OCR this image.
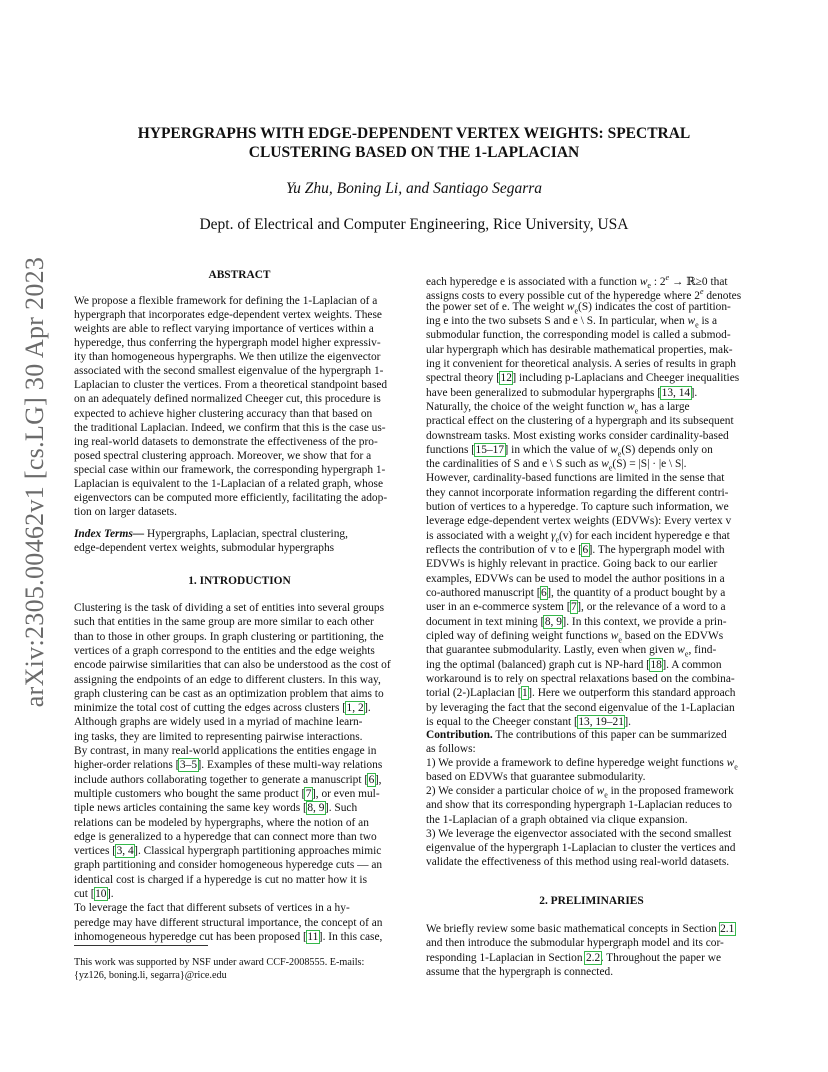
arXiv:2305.00462v1 [cs.LG] 30 Apr 2023
HYPERGRAPHS WITH EDGE-DEPENDENT VERTEX WEIGHTS: SPECTRAL
CLUSTERING BASED ON THE 1-LAPLACIAN
Yu Zhu, Boning Li, and Santiago Segarra
Dept. of Electrical and Computer Engineering, Rice University, USA
ABSTRACT
We propose a flexible framework for defining the 1-Laplacian of a
hypergraph that incorporates edge-dependent vertex weights. These
weights are able to reflect varying importance of vertices within a
hyperedge, thus conferring the hypergraph model higher expressiv-
ity than homogeneous hypergraphs. We then utilize the eigenvector
associated with the second smallest eigenvalue of the hypergraph 1-
Laplacian to cluster the vertices. From a theoretical standpoint based
on an adequately defined normalized Cheeger cut, this procedure is
expected to achieve higher clustering accuracy than that based on
the traditional Laplacian. Indeed, we confirm that this is the case us-
ing real-world datasets to demonstrate the effectiveness of the pro-
posed spectral clustering approach. Moreover, we show that for a
special case within our framework, the corresponding hypergraph 1-
Laplacian is equivalent to the 1-Laplacian of a related graph, whose
eigenvectors can be computed more efficiently, facilitating the adop-
tion on larger datasets.
Index Terms— Hypergraphs, Laplacian, spectral clustering,
edge-dependent vertex weights, submodular hypergraphs
1. INTRODUCTION
Clustering is the task of dividing a set of entities into several groups
such that entities in the same group are more similar to each other
than to those in other groups. In graph clustering or partitioning, the
vertices of a graph correspond to the entities and the edge weights
encode pairwise similarities that can also be understood as the cost of
assigning the endpoints of an edge to different clusters. In this way,
graph clustering can be cast as an optimization problem that aims to
minimize the total cost of cutting the edges across clusters [1, 2].
Although graphs are widely used in a myriad of machine learn-
ing tasks, they are limited to representing pairwise interactions.
By contrast, in many real-world applications the entities engage in
higher-order relations [3–5]. Examples of these multi-way relations
include authors collaborating together to generate a manuscript [6],
multiple customers who bought the same product [7], or even mul-
tiple news articles containing the same key words [8, 9]. Such
relations can be modeled by hypergraphs, where the notion of an
edge is generalized to a hyperedge that can connect more than two
vertices [3, 4]. Classical hypergraph partitioning approaches mimic
graph partitioning and consider homogeneous hyperedge cuts — an
identical cost is charged if a hyperedge is cut no matter how it is
cut [10].
To leverage the fact that different subsets of vertices in a hy-
peredge may have different structural importance, the concept of an
inhomogeneous hyperedge cut has been proposed [11]. In this case,
This work was supported by NSF under award CCF-2008555. E-mails:
{yz126, boning.li, segarra}@rice.edu
each hyperedge e is associated with a function $w_e$ : $2^e$ → ℝ≥0 that
assigns costs to every possible cut of the hyperedge where 2e denotes
the power set of e. The weight $w_e(S)$ indicates the cost of partition-
ing e into the two subsets S and e \ S. In particular, when $w_e$ is a
submodular function, the corresponding model is called a submod-
ular hypergraph which has desirable mathematical properties, mak-
ing it convenient for theoretical analysis. A series of results in graph
spectral theory [12] including p-Laplacians and Cheeger inequalities
have been generalized to submodular hypergraphs [13, 14].
Naturally, the choice of the weight function $w_e$ has a large
practical effect on the clustering of a hypergraph and its subsequent
downstream tasks. Most existing works consider cardinality-based
functions [15–17] in which the value of $w_e(S)$ depends only on
the cardinalities of S and e \ S such as $w_e(S) = |S| \cdot |e$ \ S|.
However, cardinality-based functions are limited in the sense that
they cannot incorporate information regarding the different contri-
bution of vertices to a hyperedge. To capture such information, we
leverage edge-dependent vertex weights (EDVWs): Every vertex v
is associated with a weight $\gamma_e(v)$ for each incident hyperedge e that
reflects the contribution of v to e [6]. The hypergraph model with
EDVWs is highly relevant in practice. Going back to our earlier
examples, EDVWs can be used to model the author positions in a
co-authored manuscript [6], the quantity of a product bought by a
user in an e-commerce system [7], or the relevance of a word to a
document in text mining [8, 9]. In this context, we provide a prin-
cipled way of defining weight functions $w_e$ based on the EDVWs
that guarantee submodularity. Lastly, even when given $w_e$, find-
ing the optimal (balanced) graph cut is NP-hard [18]. A common
workaround is to rely on spectral relaxations based on the combina-
torial (2-)Laplacian [1]. Here we outperform this standard approach
by leveraging the fact that the second eigenvalue of the 1-Laplacian
is equal to the Cheeger constant [13, 19–21].
Contribution. The contributions of this paper can be summarized
as follows:
1) We provide a framework to define hyperedge weight functions $w_e$
based on EDVWs that guarantee submodularity.
2) We consider a particular choice of $w_e$ in the proposed framework
and show that its corresponding hypergraph 1-Laplacian reduces to
the 1-Laplacian of a graph obtained via clique expansion.
3) We leverage the eigenvector associated with the second smallest
eigenvalue of the hypergraph 1-Laplacian to cluster the vertices and
validate the effectiveness of this method using real-world datasets.
2. PRELIMINARIES
We briefly review some basic mathematical concepts in Section 2.1
and then introduce the submodular hypergraph model and its cor-
responding 1-Laplacian in Section 2.2. Throughout the paper we
assume that the hypergraph is connected.
